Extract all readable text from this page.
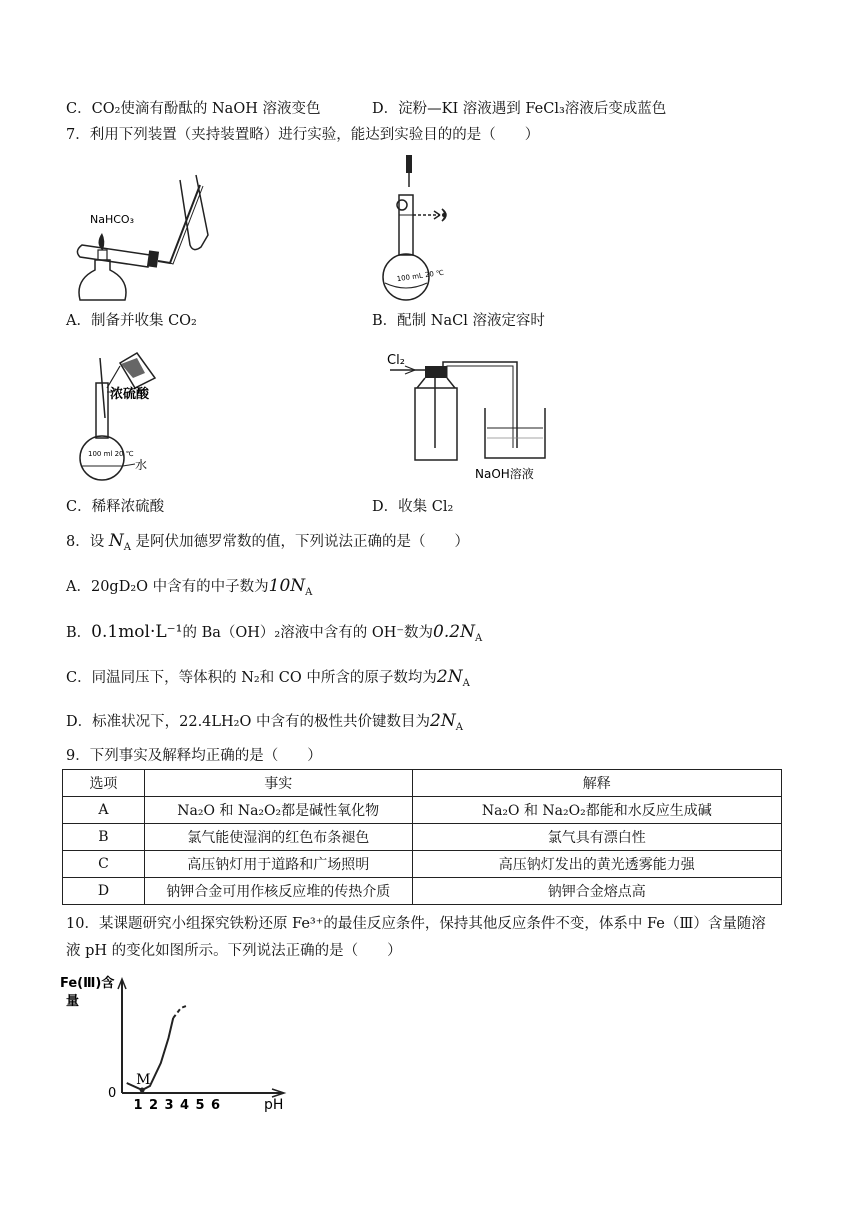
C．CO₂使滴有酚酞的 NaOH 溶液变色	D．淀粉—KI 溶液遇到 FeCl₃溶液后变成蓝色
7．利用下列装置（夹持装置略）进行实验，能达到实验目的的是（　　）
NaHCO₃
A．制备并收集 CO₂
100 mL 20 ℃
B．配制 NaCl 溶液定容时
浓硫酸
100 ml 20 ℃
水
C．稀释浓硫酸
Cl₂
NaOH溶液
D．收集 Cl₂
8．设 $N_A$ 是阿伏加德罗常数的值，下列说法正确的是（　　）
A．20gD₂O 中含有的中子数为$10N_A$
B．0.1mol·L⁻¹的 Ba（OH）₂溶液中含有的 OH⁻数为$0.2N_A$
C．同温同压下，等体积的 N₂和 CO 中所含的原子数均为$2N_A$
D．标准状况下，22.4LH₂O 中含有的极性共价键数目为$2N_A$
9．下列事实及解释均正确的是（　　）
选项	事实	解释
A	Na₂O 和 Na₂O₂都是碱性氧化物	Na₂O 和 Na₂O₂都能和水反应生成碱
B	氯气能使湿润的红色布条褪色	氯气具有漂白性
C	高压钠灯用于道路和广场照明	高压钠灯发出的黄光透雾能力强
D	钠钾合金可用作核反应堆的传热介质	钠钾合金熔点高
10．某课题研究小组探究铁粉还原 Fe³⁺的最佳反应条件，保持其他反应条件不变，体系中 Fe（Ⅲ）含量随溶
液 pH 的变化如图所示。下列说法正确的是（　　）
Fe(Ⅲ)含
量
pH
0
1 2 3 4 5 6
M
